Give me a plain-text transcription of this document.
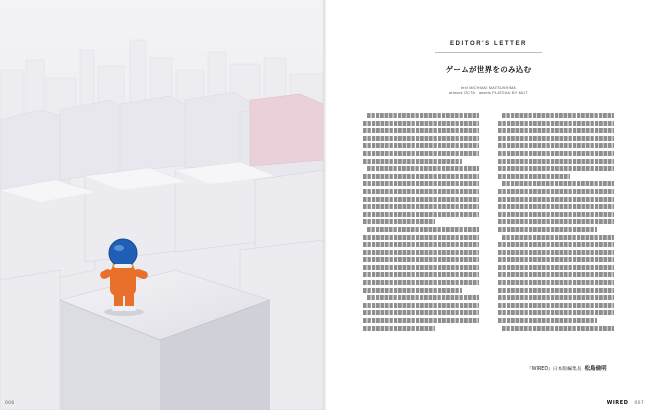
006
EDITOR'S LETTER
ゲームが世界をのみ込む
text MICHIAKI MATSUSHIMA
artwork OCTA · assets PLATEAU BY MLIT
『WIRED』日本版編集長 松島倫明
WIRED 007
